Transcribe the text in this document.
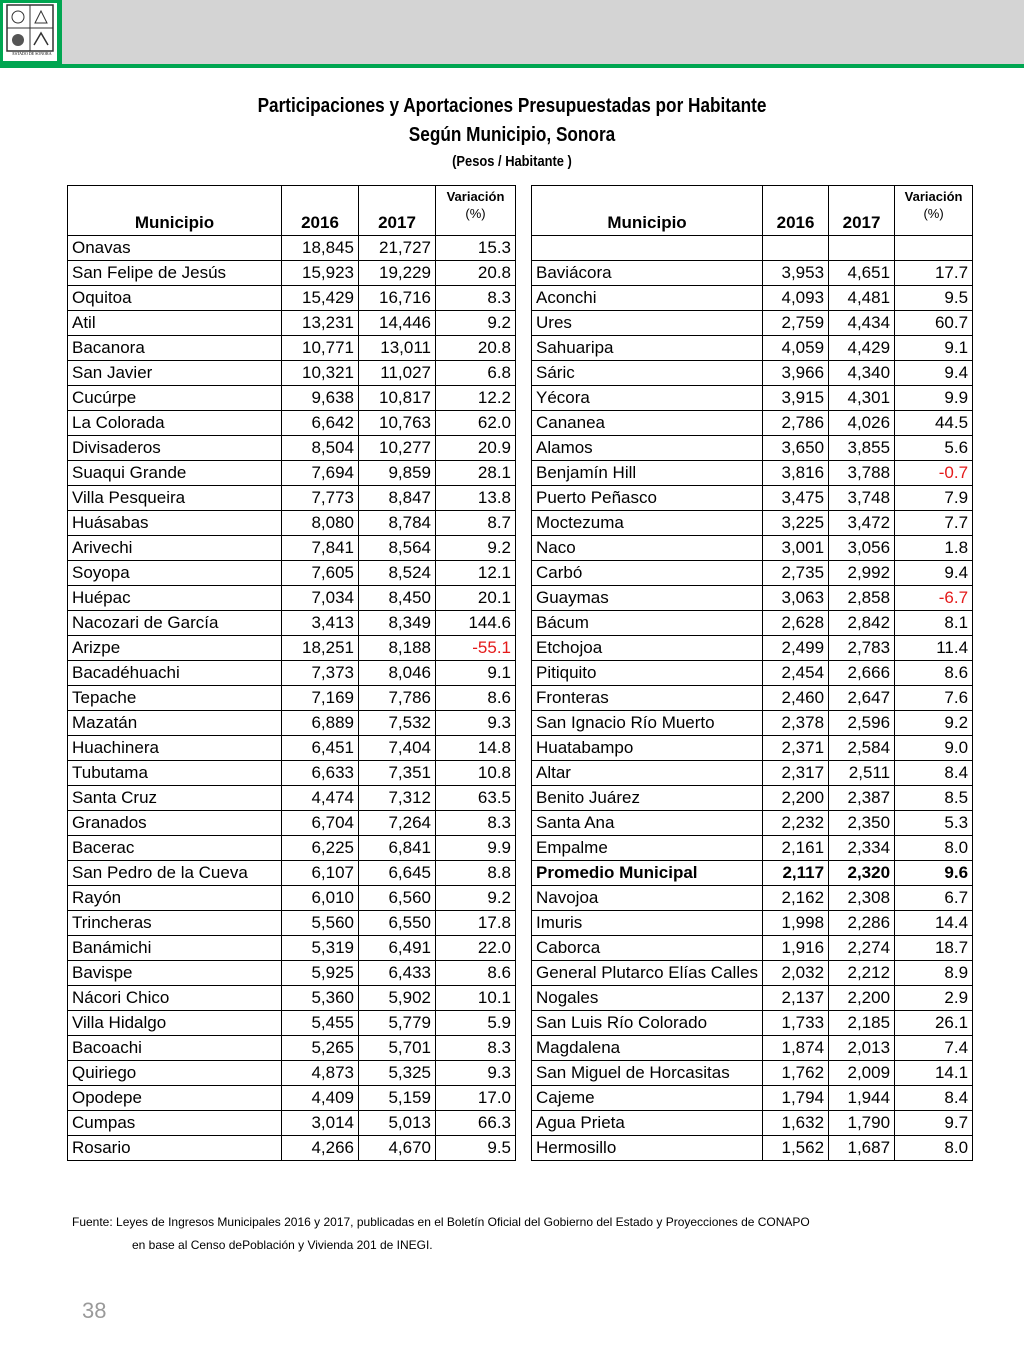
ESTADO DE SONORA
Participaciones y Aportaciones Presupuestadas por Habitante
Según Municipio, Sonora
(Pesos / Habitante )
Municipio	2016	2017	Variación
(%)

Onavas	18,845	21,727	15.3
San Felipe de Jesús	15,923	19,229	20.8
Oquitoa	15,429	16,716	8.3
Atil	13,231	14,446	9.2
Bacanora	10,771	13,011	20.8
San Javier	10,321	11,027	6.8
Cucúrpe	9,638	10,817	12.2
La Colorada	6,642	10,763	62.0
Divisaderos	8,504	10,277	20.9
Suaqui Grande	7,694	9,859	28.1
Villa Pesqueira	7,773	8,847	13.8
Huásabas	8,080	8,784	8.7
Arivechi	7,841	8,564	9.2
Soyopa	7,605	8,524	12.1
Huépac	7,034	8,450	20.1
Nacozari de García	3,413	8,349	144.6
Arizpe	18,251	8,188	-55.1
Bacadéhuachi	7,373	8,046	9.1
Tepache	7,169	7,786	8.6
Mazatán	6,889	7,532	9.3
Huachinera	6,451	7,404	14.8
Tubutama	6,633	7,351	10.8
Santa Cruz	4,474	7,312	63.5
Granados	6,704	7,264	8.3
Bacerac	6,225	6,841	9.9
San Pedro de la Cueva	6,107	6,645	8.8
Rayón	6,010	6,560	9.2
Trincheras	5,560	6,550	17.8
Banámichi	5,319	6,491	22.0
Bavispe	5,925	6,433	8.6
Nácori Chico	5,360	5,902	10.1
Villa Hidalgo	5,455	5,779	5.9
Bacoachi	5,265	5,701	8.3
Quiriego	4,873	5,325	9.3
Opodepe	4,409	5,159	17.0
Cumpas	3,014	5,013	66.3
Rosario	4,266	4,670	9.5
Municipio	2016	2017	Variación
(%)

Baviácora	3,953	4,651	17.7
Aconchi	4,093	4,481	9.5
Ures	2,759	4,434	60.7
Sahuaripa	4,059	4,429	9.1
Sáric	3,966	4,340	9.4
Yécora	3,915	4,301	9.9
Cananea	2,786	4,026	44.5
Alamos	3,650	3,855	5.6
Benjamín Hill	3,816	3,788	-0.7
Puerto Peñasco	3,475	3,748	7.9
Moctezuma	3,225	3,472	7.7
Naco	3,001	3,056	1.8
Carbó	2,735	2,992	9.4
Guaymas	3,063	2,858	-6.7
Bácum	2,628	2,842	8.1
Etchojoa	2,499	2,783	11.4
Pitiquito	2,454	2,666	8.6
Fronteras	2,460	2,647	7.6
San Ignacio Río Muerto	2,378	2,596	9.2
Huatabampo	2,371	2,584	9.0
Altar	2,317	2,511	8.4
Benito Juárez	2,200	2,387	8.5
Santa Ana	2,232	2,350	5.3
Empalme	2,161	2,334	8.0
Promedio Municipal	2,117	2,320	9.6
Navojoa	2,162	2,308	6.7
Imuris	1,998	2,286	14.4
Caborca	1,916	2,274	18.7
General Plutarco Elías Calles	2,032	2,212	8.9
Nogales	2,137	2,200	2.9
San Luis Río Colorado	1,733	2,185	26.1
Magdalena	1,874	2,013	7.4
San Miguel de Horcasitas	1,762	2,009	14.1
Cajeme	1,794	1,944	8.4
Agua Prieta	1,632	1,790	9.7
Hermosillo	1,562	1,687	8.0
Fuente: Leyes de Ingresos Municipales 2016 y 2017, publicadas en el Boletín Oficial del Gobierno del Estado y Proyecciones de CONAPO
en base al Censo dePoblación y Vivienda 201 de INEGI.
38
